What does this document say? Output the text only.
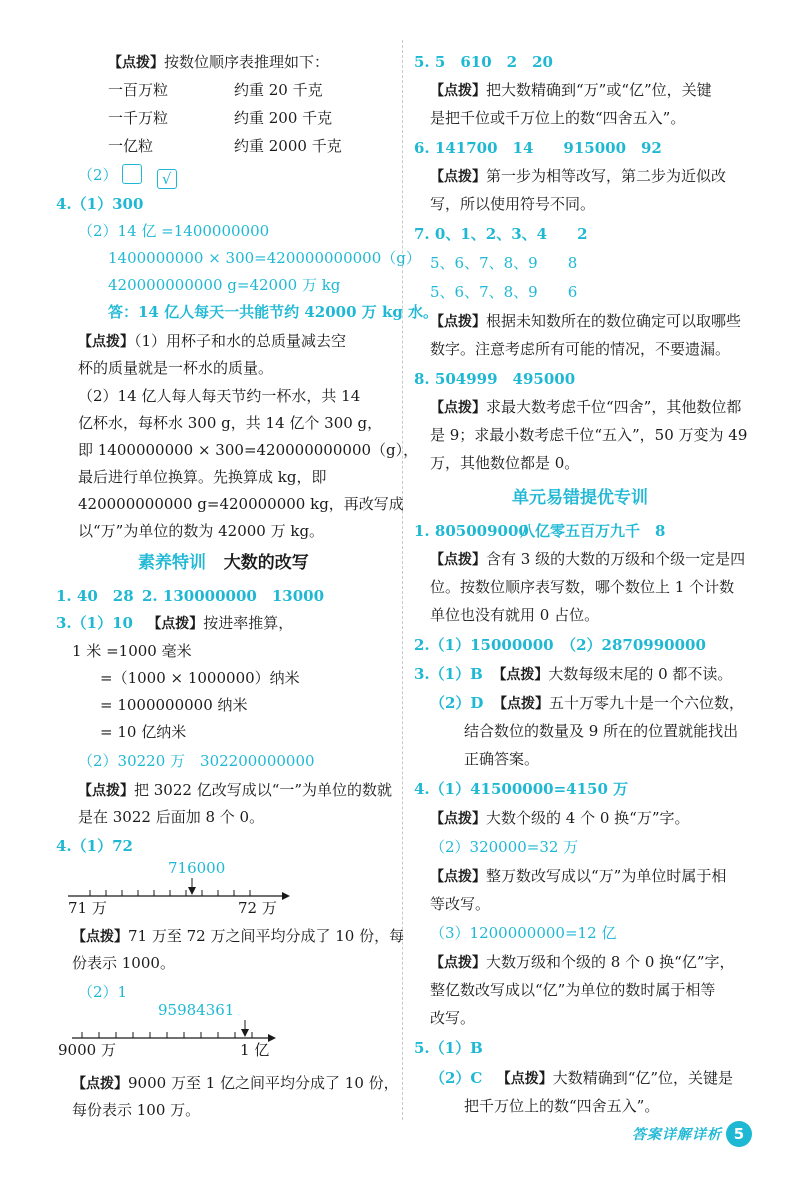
【点拨】按数位顺序表推理如下：
一百万粒	约重 20 千克
一千万粒	约重 200 千克
一亿粒	约重 2000 千克
（2）	√
4.（1）300
（2）14 亿 =1400000000
1400000000 × 300=420000000000（g）
420000000000 g=42000 万 kg
答：14 亿人每天一共能节约 42000 万 kg 水。
【点拨】（1）用杯子和水的总质量减去空
杯的质量就是一杯水的质量。
（2）14 亿人每人每天节约一杯水，共 14
亿杯水，每杯水 300 g，共 14 亿个 300 g，
即 1400000000 × 300=420000000000（g），
最后进行单位换算。先换算成 kg，即
420000000000 g=420000000 kg，再改写成
以“万”为单位的数为 42000 万 kg。
素养特训 大数的改写
1. 40　28 2. 130000000　13000
3.（1）10 【点拨】按进率推算，
1 米 =1000 毫米
=（1000 × 1000000）纳米
= 1000000000 纳米
= 10 亿纳米
（2）30220 万　302200000000
【点拨】把 3022 亿改写成以“一”为单位的数就
是在 3022 后面加 8 个 0。
4.（1）72
716000
71 万	72 万
【点拨】71 万至 72 万之间平均分成了 10 份，每
份表示 1000。
（2）1
95984361
9000 万	1 亿
【点拨】9000 万至 1 亿之间平均分成了 10 份，
每份表示 100 万。
5. 5　610　2　20
【点拨】把大数精确到“万”或“亿”位，关键
是把千位或千万位上的数“四舍五入”。
6. 141700　14　　915000　92
【点拨】第一步为相等改写，第二步为近似改
写，所以使用符号不同。
7. 0、1、2、3、4　　2
5、6、7、8、9　　8
5、6、7、8、9　　6
【点拨】根据未知数所在的数位确定可以取哪些
数字。注意考虑所有可能的情况，不要遗漏。
8. 504999　495000
【点拨】求最大数考虑千位“四舍”，其他数位都
是 9；求最小数考虑千位“五入”，50 万变为 49
万，其他数位都是 0。
单元易错提优专训
1. 805009000
八亿零五百万九千　8
【点拨】含有 3 级的大数的万级和个级一定是四
位。按数位顺序表写数，哪个数位上 1 个计数
单位也没有就用 0 占位。
2.（1）15000000　（2）2870990000
3.（1）B 【点拨】大数每级末尾的 0 都不读。
（2）D 【点拨】五十万零九十是一个六位数，
结合数位的数量及 9 所在的位置就能找出
正确答案。
4.（1）41500000=4150 万
【点拨】大数个级的 4 个 0 换“万”字。
（2）320000=32 万
【点拨】整万数改写成以“万”为单位时属于相
等改写。
（3）1200000000=12 亿
【点拨】大数万级和个级的 8 个 0 换“亿”字，
整亿数改写成以“亿”为单位的数时属于相等
改写。
5.（1）B
（2）C 【点拨】大数精确到“亿”位，关键是
把千万位上的数“四舍五入”。
答案详解详析 5
